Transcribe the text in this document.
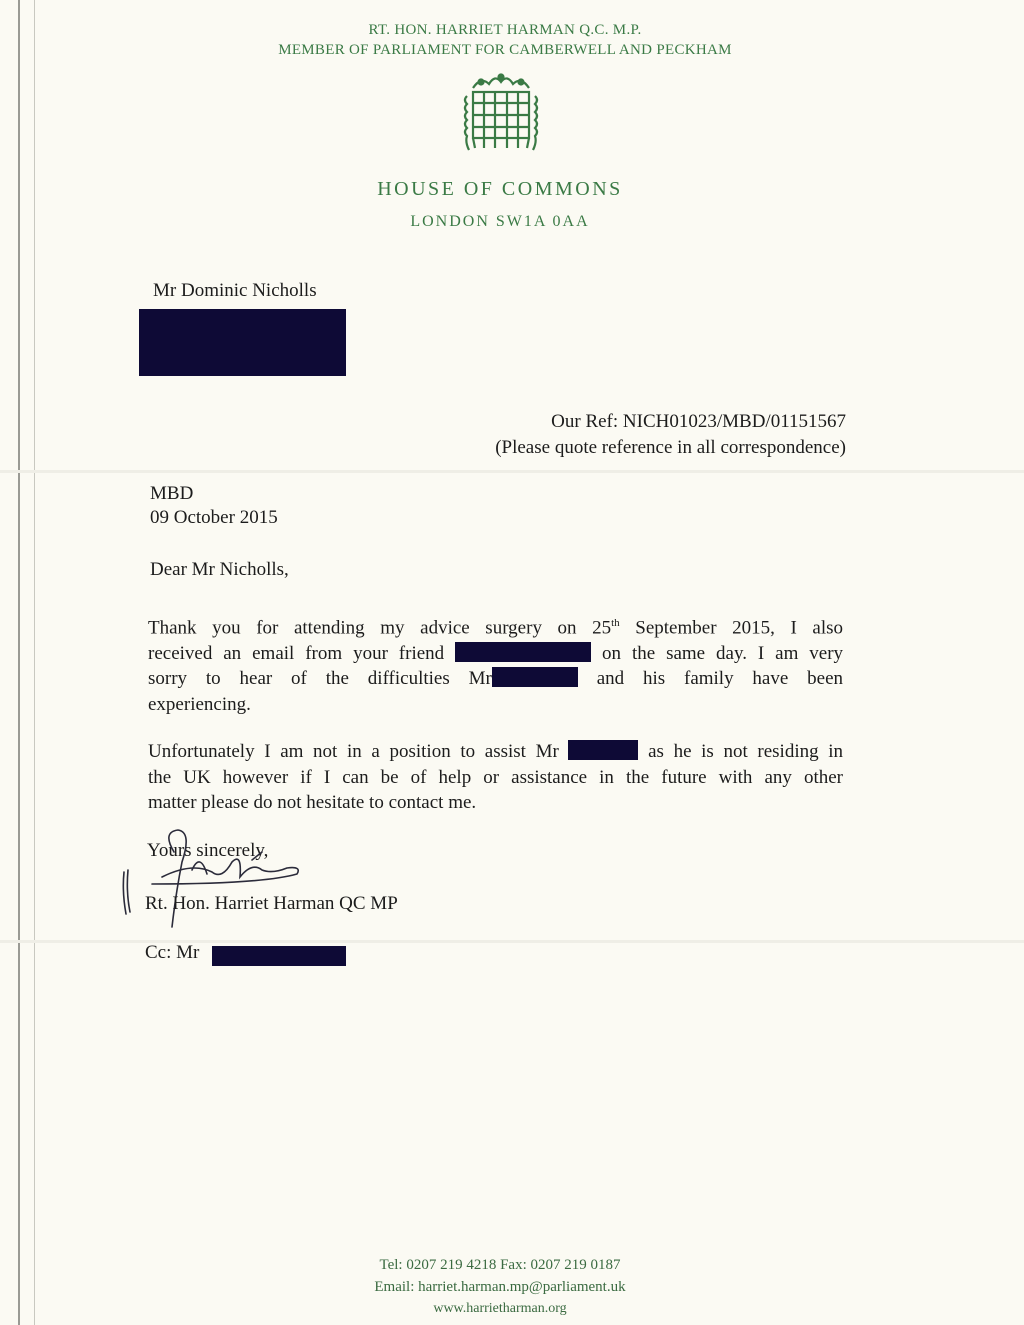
RT. HON. HARRIET HARMAN Q.C. M.P.
MEMBER OF PARLIAMENT FOR CAMBERWELL AND PECKHAM
HOUSE OF COMMONS
LONDON SW1A 0AA
Mr Dominic Nicholls
Our Ref: NICH01023/MBD/01151567
(Please quote reference in all correspondence)
MBD
09 October 2015
Dear Mr Nicholls,
Thank you for attending my advice surgery on 25th September 2015, I also
received an email from your friend	on the same day. I am very
sorry to hear of the difficulties Mr	and his family have been
experiencing.
Unfortunately I am not in a position to assist Mr	as he is not residing in
the UK however if I can be of help or assistance in the future with any other
matter please do not hesitate to contact me.
Yours sincerely,
Rt. Hon. Harriet Harman QC MP
Cc: Mr
Tel: 0207 219 4218 Fax: 0207 219 0187
Email: harriet.harman.mp@parliament.uk
www.harrietharman.org
